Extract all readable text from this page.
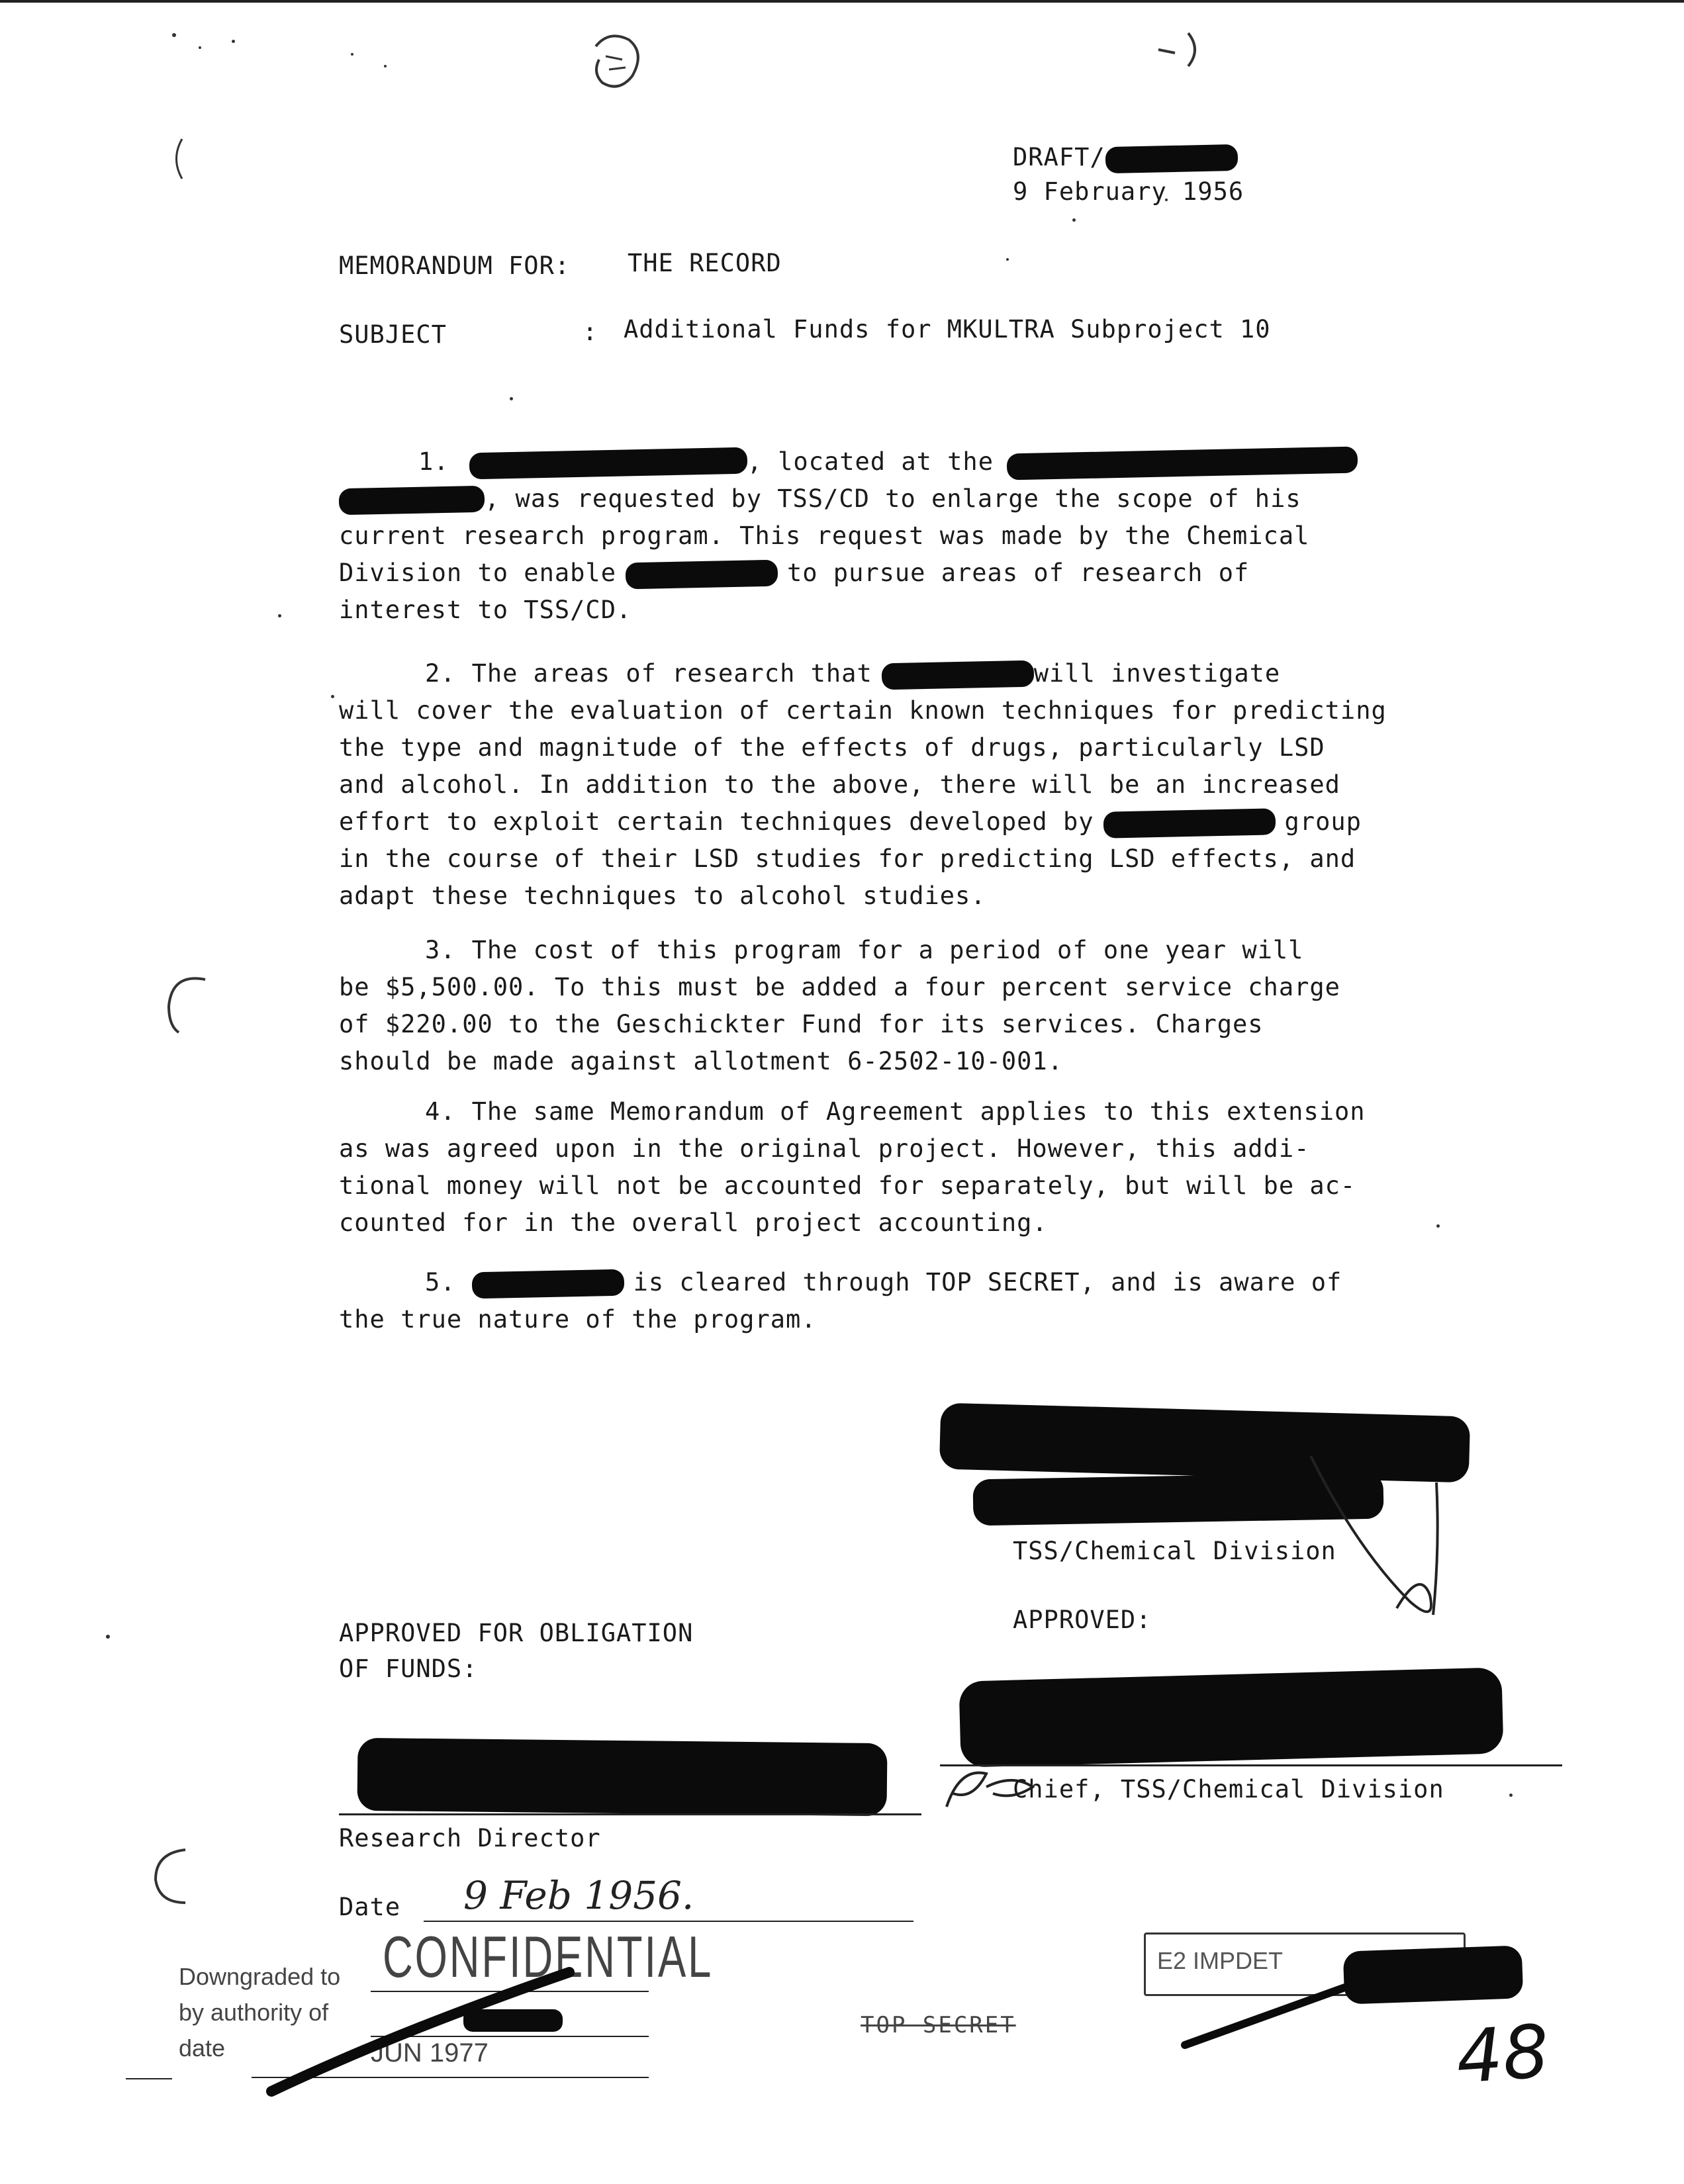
DRAFT/
9 February 1956
MEMORANDUM FOR: THE RECORD
SUBJECT	: Additional Funds for MKULTRA Subproject 10
1.	, located at the
, was requested by TSS/CD to enlarge the scope of his
current research program. This request was made by the Chemical
Division to enable	to pursue areas of research of
interest to TSS/CD.
2. The areas of research that	will investigate
will cover the evaluation of certain known techniques for predicting
the type and magnitude of the effects of drugs, particularly LSD
and alcohol. In addition to the above, there will be an increased
effort to exploit certain techniques developed by	group
in the course of their LSD studies for predicting LSD effects, and
adapt these techniques to alcohol studies.
3. The cost of this program for a period of one year will
be $5,500.00. To this must be added a four percent service charge
of $220.00 to the Geschickter Fund for its services. Charges
should be made against allotment 6-2502-10-001.
4. The same Memorandum of Agreement applies to this extension
as was agreed upon in the original project. However, this addi-
tional money will not be accounted for separately, but will be ac-
counted for in the overall project accounting.
5.	is cleared through TOP SECRET, and is aware of
the true nature of the program.
TSS/Chemical Division
APPROVED:
Chief, TSS/Chemical Division
APPROVED FOR OBLIGATION
OF FUNDS:
Research Director
Date 9 Feb 1956.
Downgraded to
by authority of
date
CONFIDENTIAL
JUN 1977
TOP SECRET
E2 IMPDET
48
